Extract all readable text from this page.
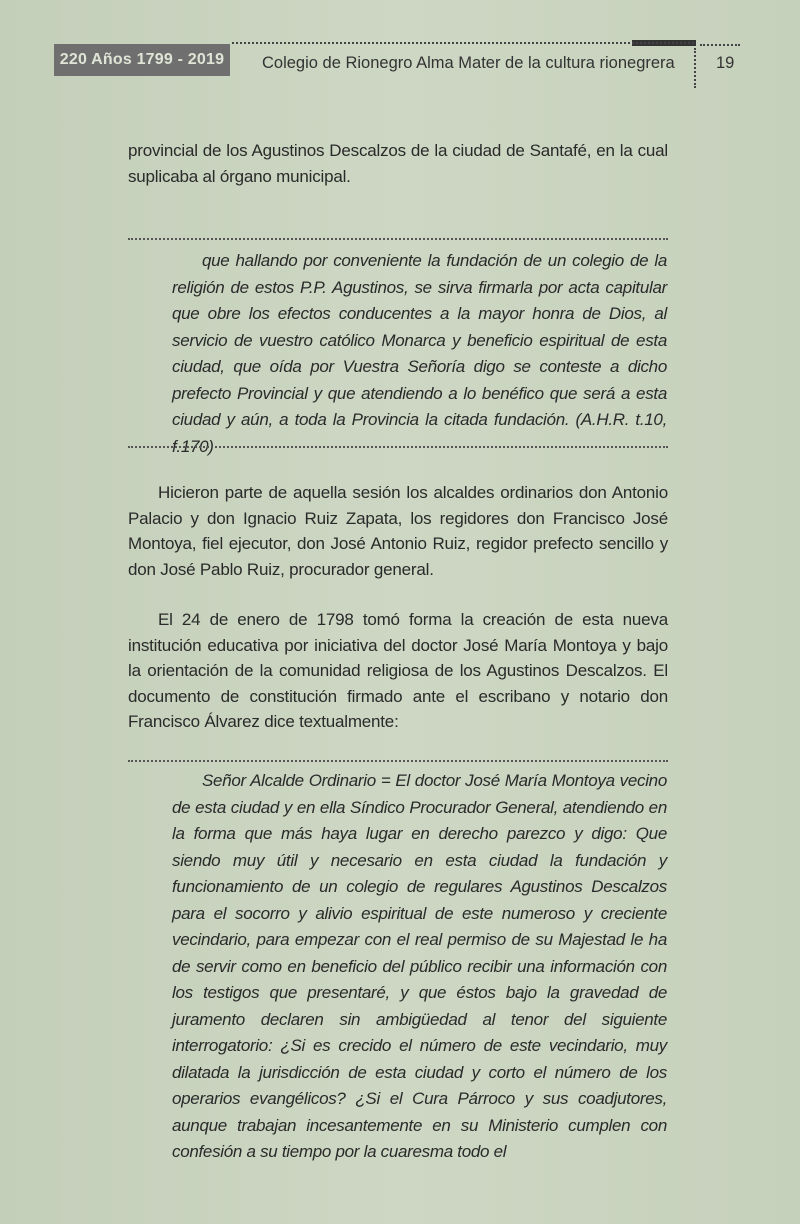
220 Años 1799 - 2019	Colegio de Rionegro Alma Mater de la cultura rionegrera	19
provincial de los Agustinos Descalzos de la ciudad de Santafé, en la cual suplicaba al órgano municipal.
que hallando por conveniente la fundación de un colegio de la religión de estos P.P. Agustinos, se sirva firmarla por acta capitular que obre los efectos conducentes a la mayor honra de Dios, al servicio de vuestro católico Monarca y beneficio espiritual de esta ciudad, que oída por Vuestra Señoría digo se conteste a dicho prefecto Provincial y que atendiendo a lo benéfico que será a esta ciudad y aún, a toda la Provincia la citada fundación. (A.H.R. t.10, f.170)
Hicieron parte de aquella sesión los alcaldes ordinarios don Antonio Palacio y don Ignacio Ruiz Zapata, los regidores don Francisco José Montoya, fiel ejecutor, don José Antonio Ruiz, regidor prefecto sencillo y don José Pablo Ruiz, procurador general.
El 24 de enero de 1798 tomó forma la creación de esta nueva institución educativa por iniciativa del doctor José María Montoya y bajo la orientación de la comunidad religiosa de los Agustinos Descalzos. El documento de constitución firmado ante el escribano y notario don Francisco Álvarez dice textualmente:
Señor Alcalde Ordinario = El doctor José María Montoya vecino de esta ciudad y en ella Síndico Procurador General, atendiendo en la forma que más haya lugar en derecho parezco y digo: Que siendo muy útil y necesario en esta ciudad la fundación y funcionamiento de un colegio de regulares Agustinos Descalzos para el socorro y alivio espiritual de este numeroso y creciente vecindario, para empezar con el real permiso de su Majestad le ha de servir como en beneficio del público recibir una información con los testigos que presentaré, y que éstos bajo la gravedad de juramento declaren sin ambigüedad al tenor del siguiente interrogatorio: ¿Si es crecido el número de este vecindario, muy dilatada la jurisdicción de esta ciudad y corto el número de los operarios evangélicos? ¿Si el Cura Párroco y sus coadjutores, aunque trabajan incesantemente en su Ministerio cumplen con confesión a su tiempo por la cuaresma todo el
